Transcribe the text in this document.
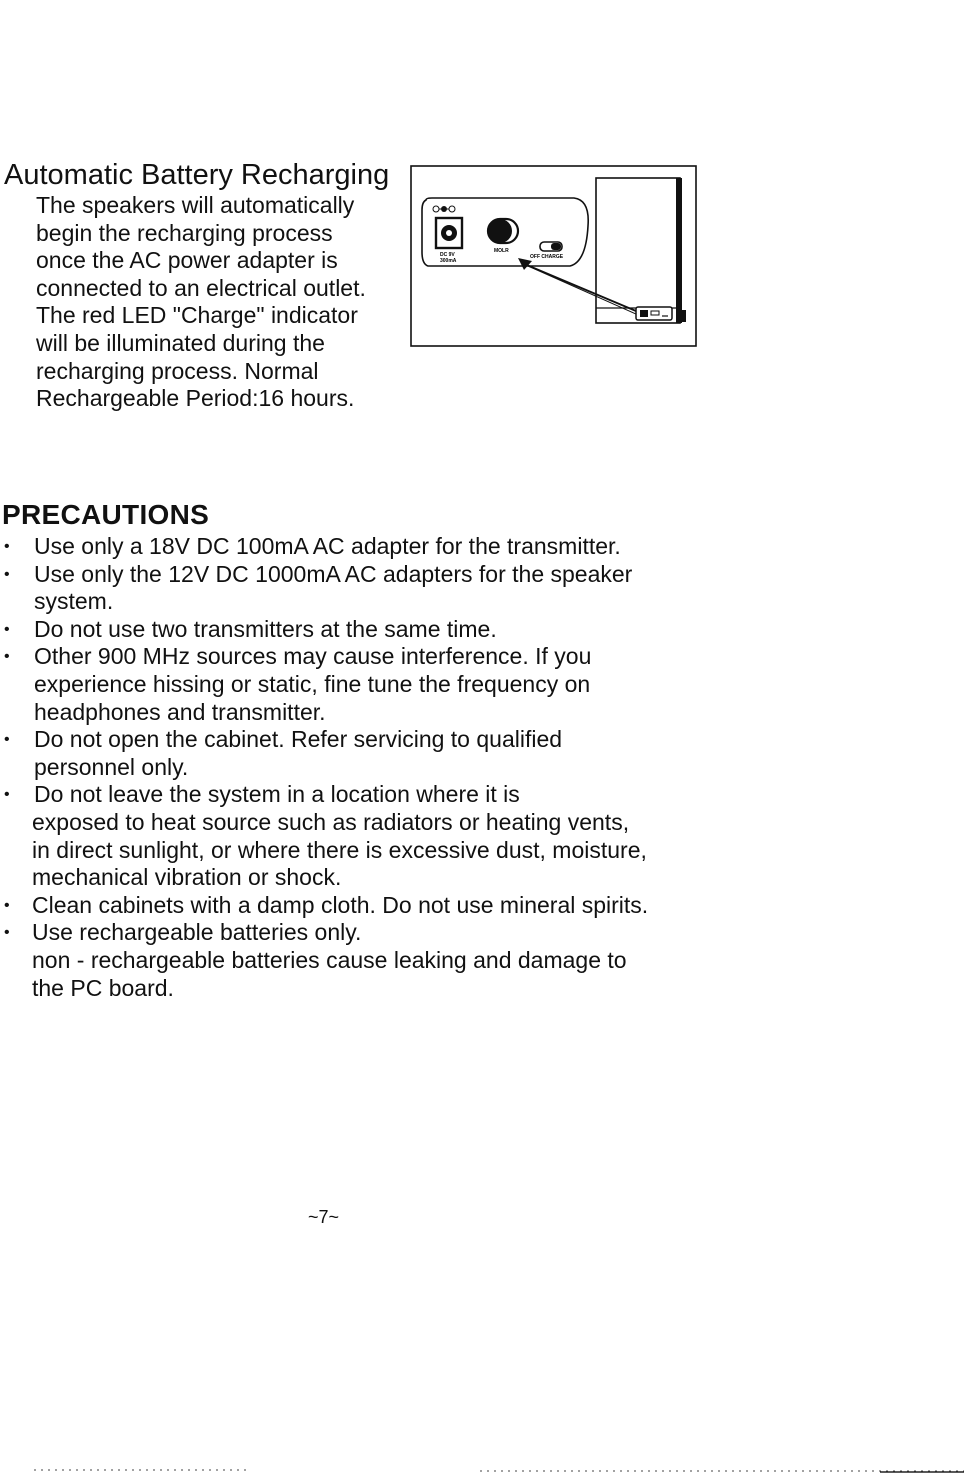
Automatic Battery Recharging
The speakers will automatically
begin the recharging process
once the AC power adapter is
connected to an electrical outlet.
The red LED "Charge" indicator
will be illuminated during the
recharging process. Normal
Rechargeable Period:16 hours.
DC 9V
300mA
MOLR
OFF CHARGE
PRECAUTIONS
• Use only a 18V DC 100mA AC adapter for the transmitter.
• Use only the 12V DC 1000mA AC adapters for the speaker
system.
• Do not use two transmitters at the same time.
• Other 900 MHz sources may cause interference. If you
experience hissing or static, fine tune the frequency on
headphones and transmitter.
• Do not open the cabinet. Refer servicing to qualified
personnel only.
• Do not leave the system in a location where it is
exposed to heat source such as radiators or heating vents,
in direct sunlight, or where there is excessive dust, moisture,
mechanical vibration or shock.
• Clean cabinets with a damp cloth. Do not use mineral spirits.
• Use rechargeable batteries only.
non - rechargeable batteries cause leaking and damage to
the PC board.
~7~
